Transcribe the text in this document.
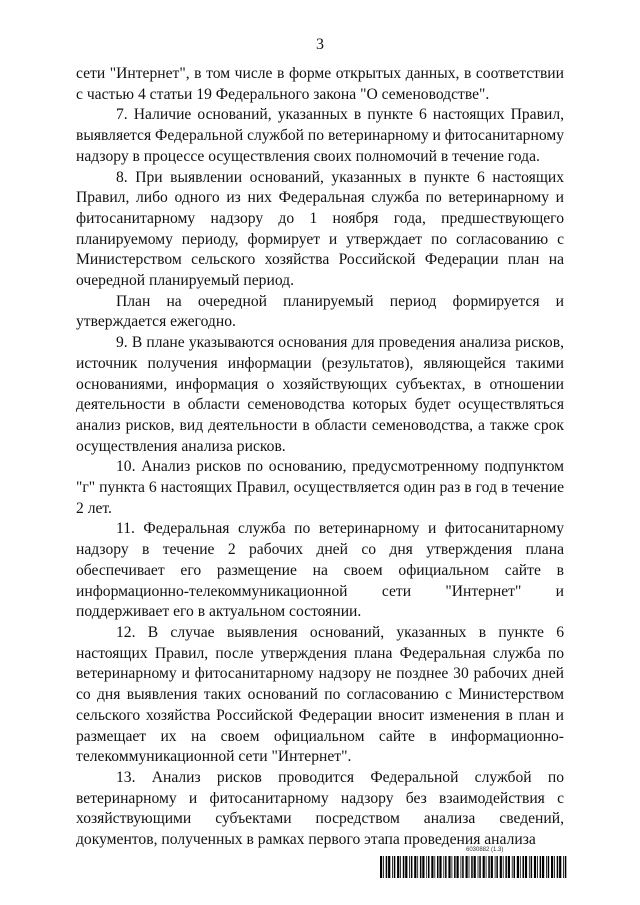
3

сети "Интернет", в том числе в форме открытых данных, в соответствии с частью 4 статьи 19 Федерального закона "О семеноводстве".

7. Наличие оснований, указанных в пункте 6 настоящих Правил, выявляется Федеральной службой по ветеринарному и фитосанитарному надзору в процессе осуществления своих полномочий в течение года.

8. При выявлении оснований, указанных в пункте 6 настоящих Правил, либо одного из них Федеральная служба по ветеринарному и фитосанитарному надзору до 1 ноября года, предшествующего планируемому периоду, формирует и утверждает по согласованию с Министерством сельского хозяйства Российской Федерации план на очередной планируемый период.

План на очередной планируемый период формируется и утверждается ежегодно.

9. В плане указываются основания для проведения анализа рисков, источник получения информации (результатов), являющейся такими основаниями, информация о хозяйствующих субъектах, в отношении деятельности в области семеноводства которых будет осуществляться анализ рисков, вид деятельности в области семеноводства, а также срок осуществления анализа рисков.

10. Анализ рисков по основанию, предусмотренному подпунктом "г" пункта 6 настоящих Правил, осуществляется один раз в год в течение 2 лет.

11. Федеральная служба по ветеринарному и фитосанитарному надзору в течение 2 рабочих дней со дня утверждения плана обеспечивает его размещение на своем официальном сайте в информационно-телекоммуникационной сети "Интернет" и поддерживает его в актуальном состоянии.

12. В случае выявления оснований, указанных в пункте 6 настоящих Правил, после утверждения плана Федеральная служба по ветеринарному и фитосанитарному надзору не позднее 30 рабочих дней со дня выявления таких оснований по согласованию с Министерством сельского хозяйства Российской Федерации вносит изменения в план и размещает их на своем официальном сайте в информационно-телекоммуникационной сети "Интернет".

13. Анализ рисков проводится Федеральной службой по ветеринарному и фитосанитарному надзору без взаимодействия с хозяйствующими субъектами посредством анализа сведений, документов, полученных в рамках первого этапа проведения анализа

6030882 (1.3)
